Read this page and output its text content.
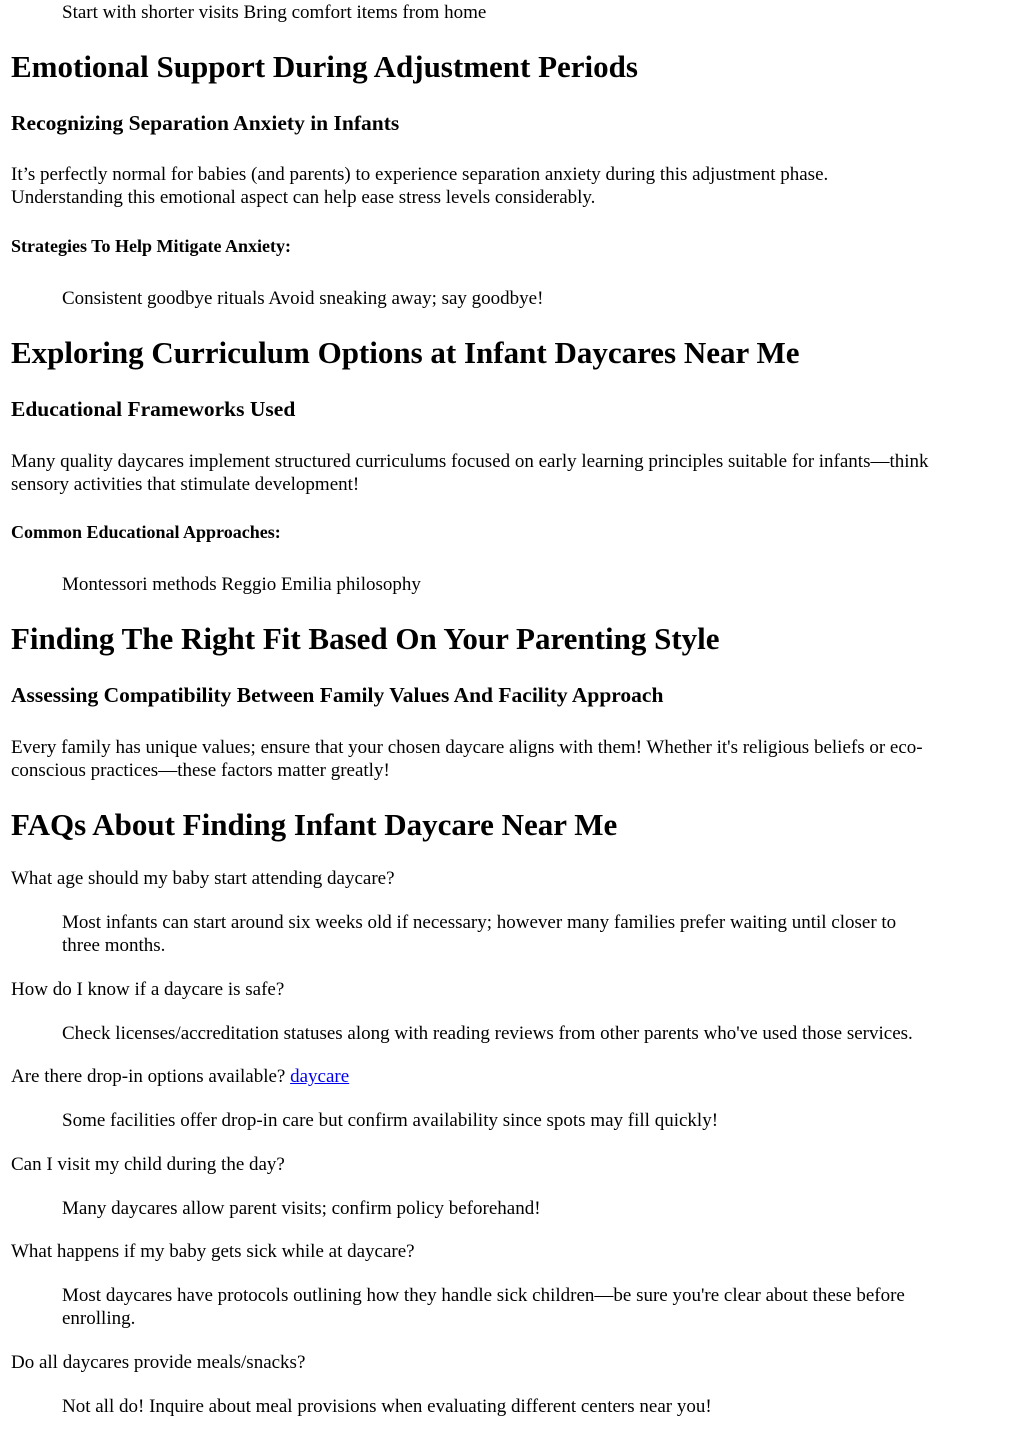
Start with shorter visits Bring comfort items from home

Emotional Support During Adjustment Periods
Recognizing Separation Anxiety in Infants

It’s perfectly normal for babies (and parents) to experience separation anxiety during this adjustment phase.

Understanding this emotional aspect can help ease stress levels considerably.

Strategies To Help Mitigate Anxiety:

Consistent goodbye rituals Avoid sneaking away; say goodbye!

Exploring Curriculum Options at Infant Daycares Near Me
Educational Frameworks Used

Many quality daycares implement structured curriculums focused on early learning principles suitable for infants—think

sensory activities that stimulate development!

Common Educational Approaches:

Montessori methods Reggio Emilia philosophy

Finding The Right Fit Based On Your Parenting Style
Assessing Compatibility Between Family Values And Facility Approach

Every family has unique values; ensure that your chosen daycare aligns with them! Whether it's religious beliefs or eco-

conscious practices—these factors matter greatly!

FAQs About Finding Infant Daycare Near Me

What age should my baby start attending daycare?

Most infants can start around six weeks old if necessary; however many families prefer waiting until closer to

three months.

How do I know if a daycare is safe?

Check licenses/accreditation statuses along with reading reviews from other parents who've used those services.

Are there drop-in options available? daycare

Some facilities offer drop-in care but confirm availability since spots may fill quickly!

Can I visit my child during the day?

Many daycares allow parent visits; confirm policy beforehand!

What happens if my baby gets sick while at daycare?

Most daycares have protocols outlining how they handle sick children—be sure you're clear about these before

enrolling.

Do all daycares provide meals/snacks?

Not all do! Inquire about meal provisions when evaluating different centers near you!
